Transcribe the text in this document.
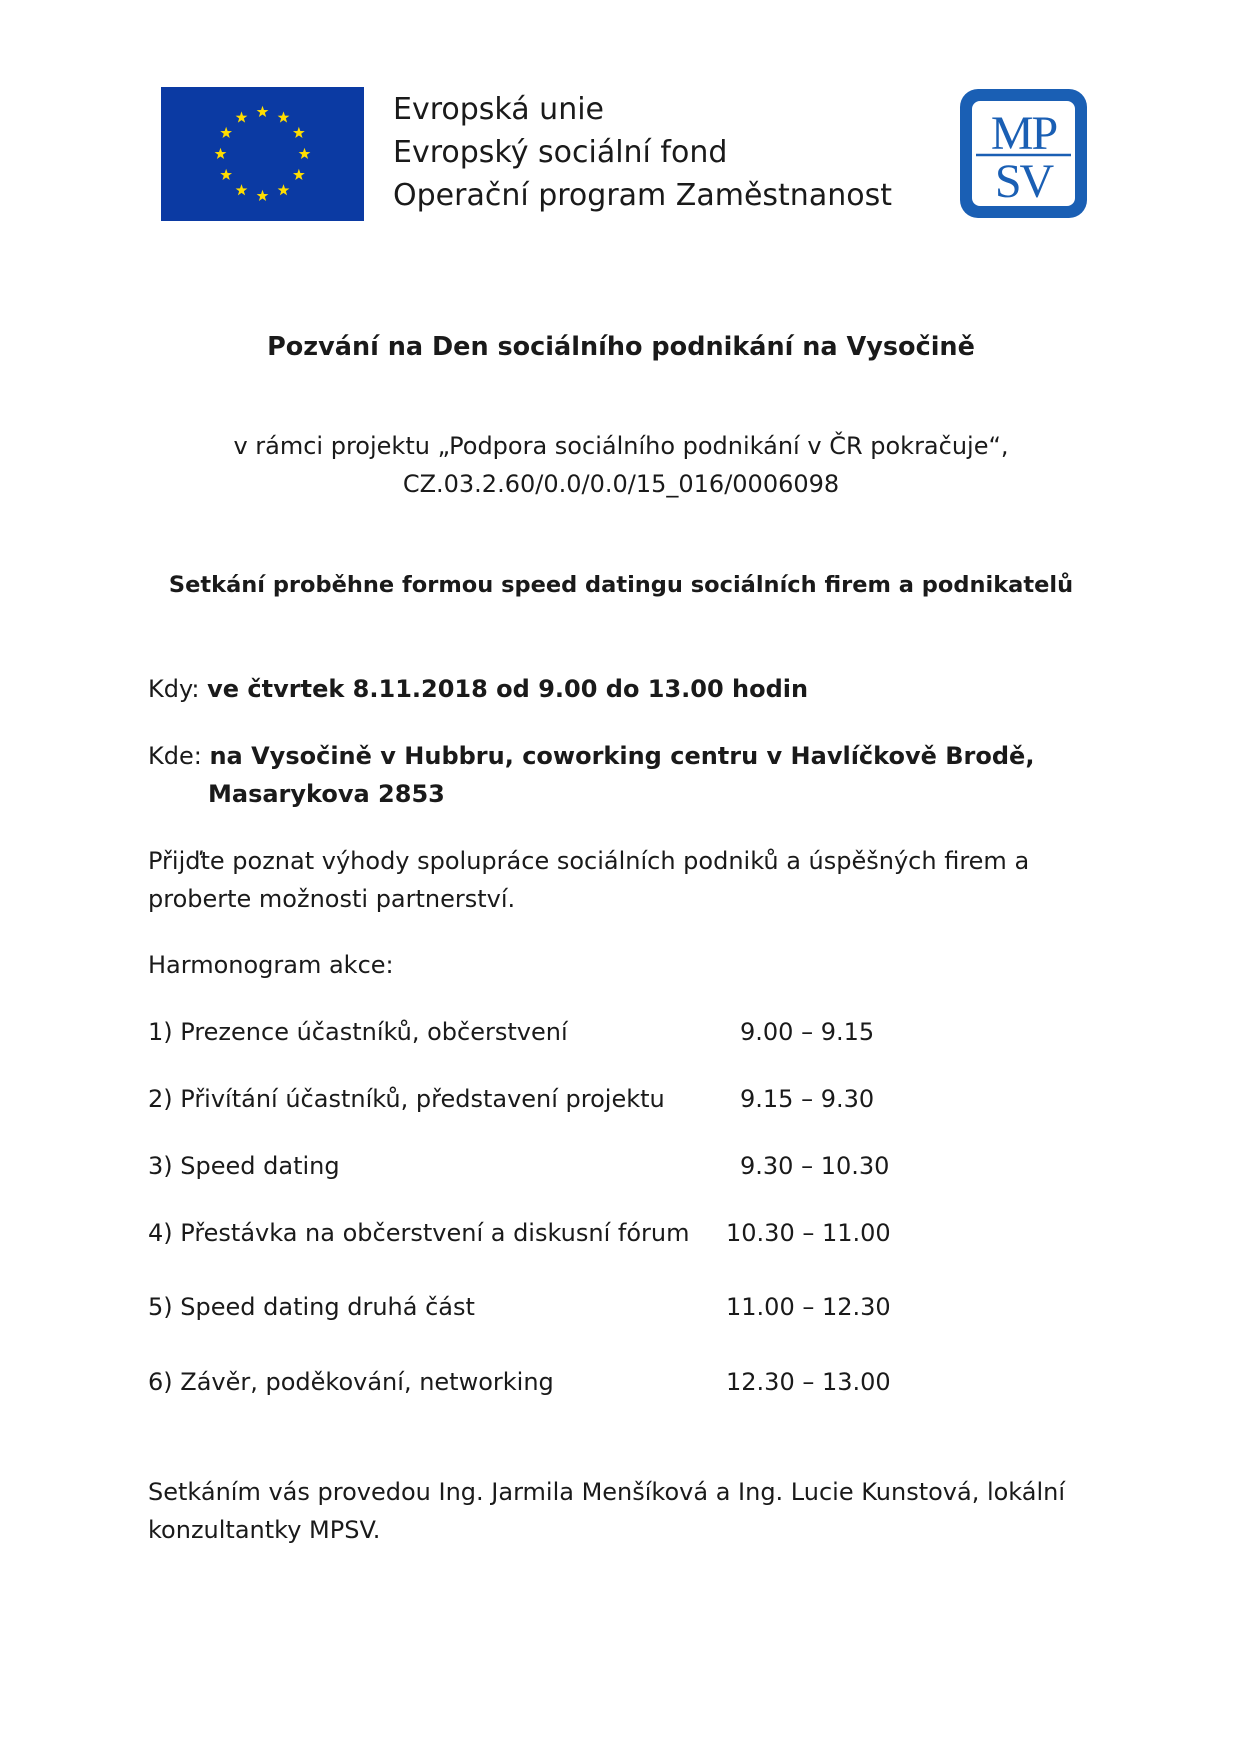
Evropská unie
Evropský sociální fond
Operační program Zaměstnanost
MP
SV
Pozvání na Den sociálního podnikání na Vysočině
v rámci projektu „Podpora sociálního podnikání v ČR pokračuje“,
CZ.03.2.60/0.0/0.0/15_016/0006098
Setkání proběhne formou speed datingu sociálních firem a podnikatelů
Kdy: ve čtvrtek 8.11.2018 od 9.00 do 13.00 hodin
Kde: na Vysočině v Hubbru, coworking centru v Havlíčkově Brodě,
Masarykova 2853
Přijďte poznat výhody spolupráce sociálních podniků a úspěšných firem a proberte možnosti partnerství.
Harmonogram akce:
1) Prezence účastníků, občerstvení	9.00 – 9.15
2) Přivítání účastníků, představení projektu	9.15 – 9.30
3) Speed dating	9.30 – 10.30
4) Přestávka na občerstvení a diskusní fórum 10.30 – 11.00
5) Speed dating druhá část	11.00 – 12.30
6) Závěr, poděkování, networking	12.30 – 13.00
Setkáním vás provedou Ing. Jarmila Menšíková a Ing. Lucie Kunstová, lokální konzultantky MPSV.
